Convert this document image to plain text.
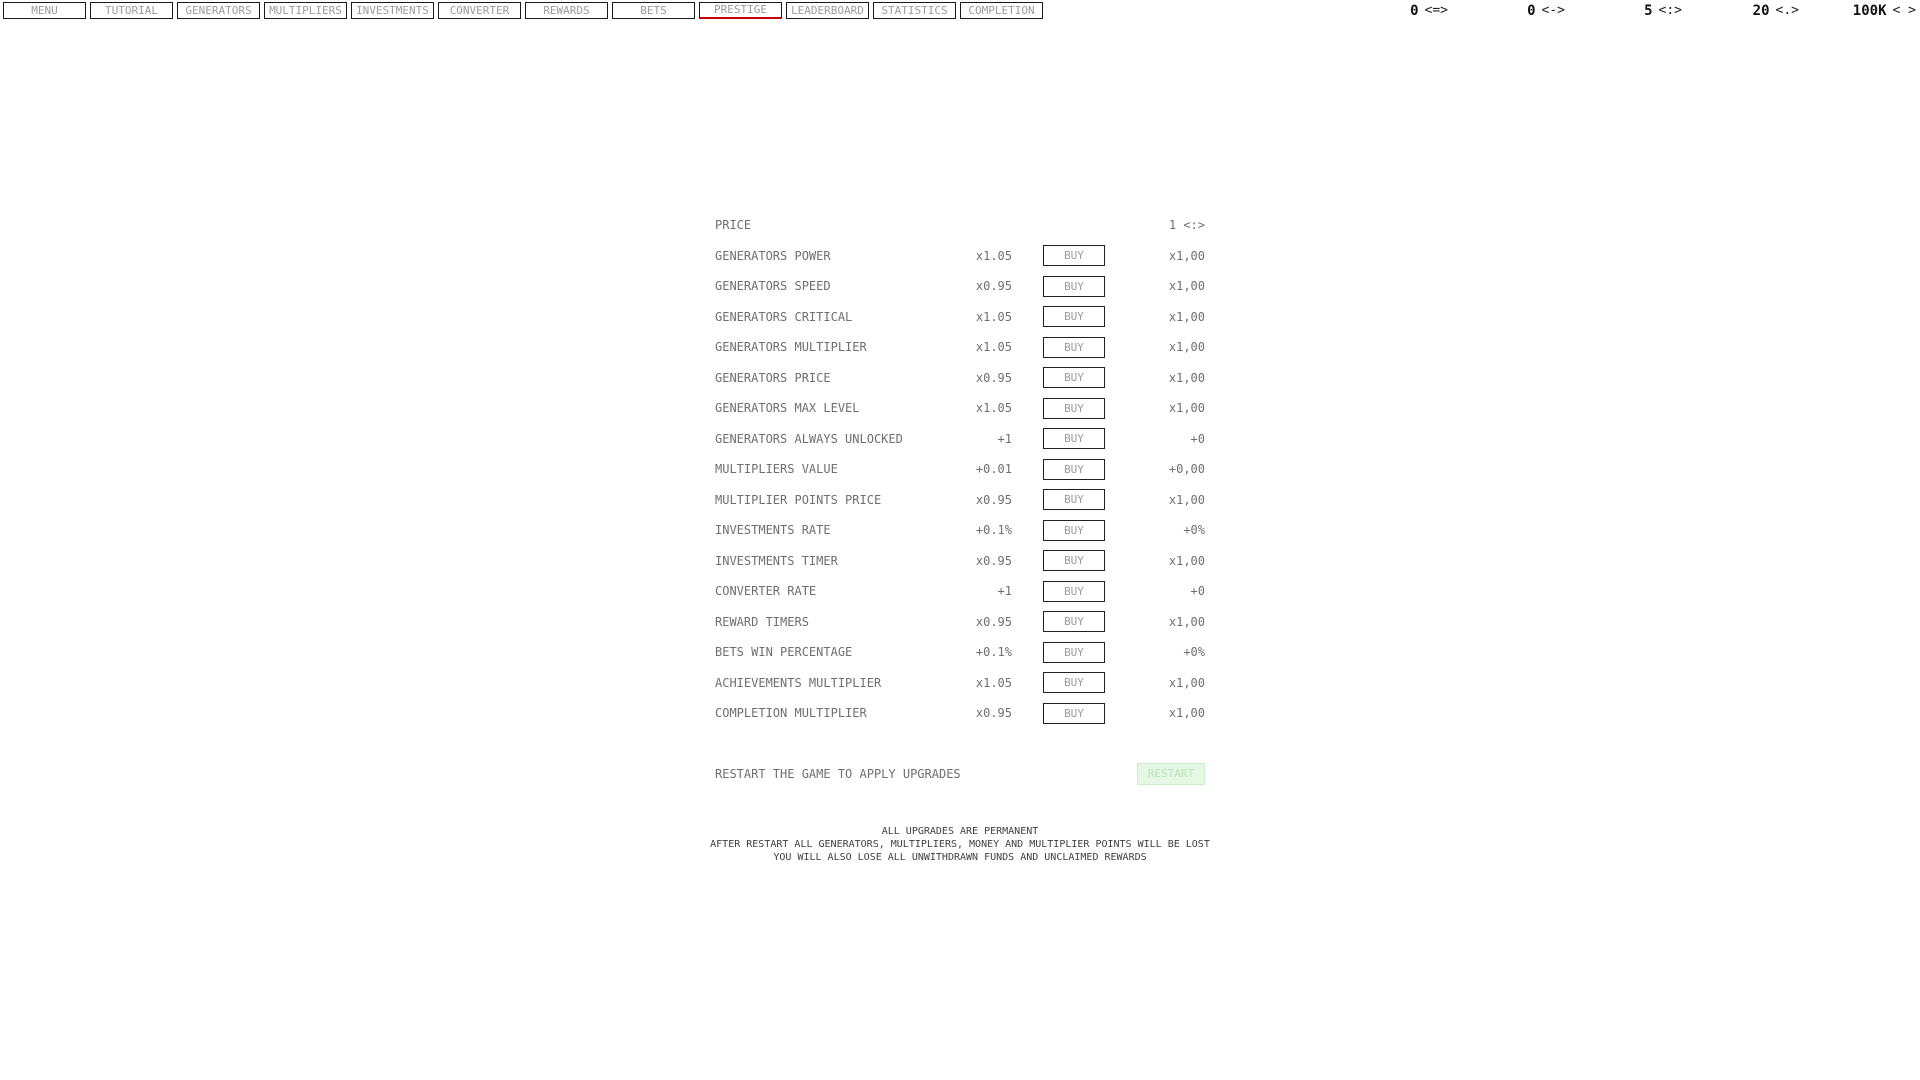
MENU	TUTORIAL GENERATORS MULTIPLIERS INVESTMENTS CONVERTER	REWARDS	BETS	PRESTIGE LEADERBOARD STATISTICS COMPLETION	0 <=>	0 <->	5 <:>	20 <.>	100K < >
PRICE	1 <:>
GENERATORS POWER	x1.05	BUY	x1,00
GENERATORS SPEED	x0.95	BUY	x1,00
GENERATORS CRITICAL	x1.05	BUY	x1,00
GENERATORS MULTIPLIER	x1.05	BUY	x1,00
GENERATORS PRICE	x0.95	BUY	x1,00
GENERATORS MAX LEVEL	x1.05	BUY	x1,00
GENERATORS ALWAYS UNLOCKED	+1	BUY	+0
MULTIPLIERS VALUE	+0.01	BUY	+0,00
MULTIPLIER POINTS PRICE	x0.95	BUY	x1,00
INVESTMENTS RATE	+0.1%	BUY	+0%
INVESTMENTS TIMER	x0.95	BUY	x1,00
CONVERTER RATE	+1	BUY	+0
REWARD TIMERS	x0.95	BUY	x1,00
BETS WIN PERCENTAGE	+0.1%	BUY	+0%
ACHIEVEMENTS MULTIPLIER	x1.05	BUY	x1,00
COMPLETION MULTIPLIER	x0.95	BUY	x1,00
RESTART THE GAME TO APPLY UPGRADES	RESTART
ALL UPGRADES ARE PERMANENT
AFTER RESTART ALL GENERATORS, MULTIPLIERS, MONEY AND MULTIPLIER POINTS WILL BE LOST
YOU WILL ALSO LOSE ALL UNWITHDRAWN FUNDS AND UNCLAIMED REWARDS
